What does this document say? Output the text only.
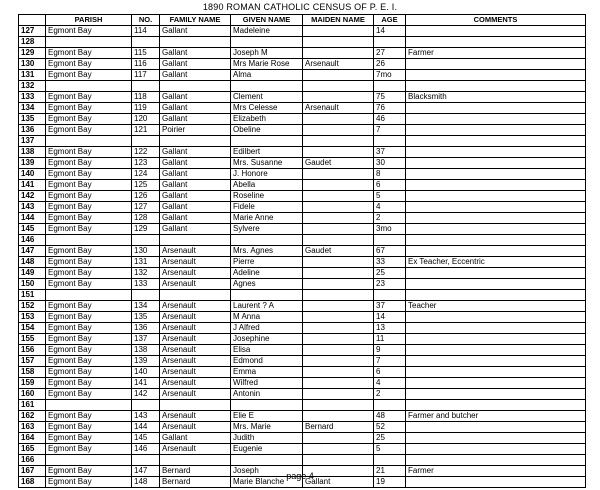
1890 ROMAN CATHOLIC CENSUS OF P. E. I.
	PARISH	NO.	FAMILY NAME	GIVEN NAME	MAIDEN NAME	AGE	COMMENTS
127	Egmont Bay	114	Gallant	Madeleine		14	
128							
129	Egmont Bay	115	Gallant	Joseph M		27	Farmer
130	Egmont Bay	116	Gallant	Mrs Marie Rose	Arsenault	26	
131	Egmont Bay	117	Gallant	Alma		7mo	
132							
133	Egmont Bay	118	Gallant	Clement		75	Blacksmith
134	Egmont Bay	119	Gallant	Mrs Celesse	Arsenault	76	
135	Egmont Bay	120	Gallant	Elizabeth		46	
136	Egmont Bay	121	Poirier	Obeline		7	
137							
138	Egmont Bay	122	Gallant	Edilbert		37	
139	Egmont Bay	123	Gallant	Mrs. Susanne	Gaudet	30	
140	Egmont Bay	124	Gallant	J. Honore		8	
141	Egmont Bay	125	Gallant	Abella		6	
142	Egmont Bay	126	Gallant	Roseline		5	
143	Egmont Bay	127	Gallant	Fidele		4	
144	Egmont Bay	128	Gallant	Marie Anne		2	
145	Egmont Bay	129	Gallant	Sylvere		3mo	
146							
147	Egmont Bay	130	Arsenault	Mrs. Agnes	Gaudet	67	
148	Egmont Bay	131	Arsenault	Pierre		33	Ex Teacher, Eccentric
149	Egmont Bay	132	Arsenault	Adeline		25	
150	Egmont Bay	133	Arsenault	Agnes		23	
151							
152	Egmont Bay	134	Arsenault	Laurent ? A		37	Teacher
153	Egmont Bay	135	Arsenault	M Anna		14	
154	Egmont Bay	136	Arsenault	J Alfred		13	
155	Egmont Bay	137	Arsenault	Josephine		11	
156	Egmont Bay	138	Arsenault	Elisa		9	
157	Egmont Bay	139	Arsenault	Edmond		7	
158	Egmont Bay	140	Arsenault	Emma		6	
159	Egmont Bay	141	Arsenault	Wilfred		4	
160	Egmont Bay	142	Arsenault	Antonin		2	
161							
162	Egmont Bay	143	Arsenault	Elie E		48	Farmer and butcher
163	Egmont Bay	144	Arsenault	Mrs. Marie	Bernard	52	
164	Egmont Bay	145	Gallant	Judith		25	
165	Egmont Bay	146	Arsenault	Eugenie		5	
166							
167	Egmont Bay	147	Bernard	Joseph		21	Farmer
168	Egmont Bay	148	Bernard	Marie Blanche	Gallant	19	
page 4
